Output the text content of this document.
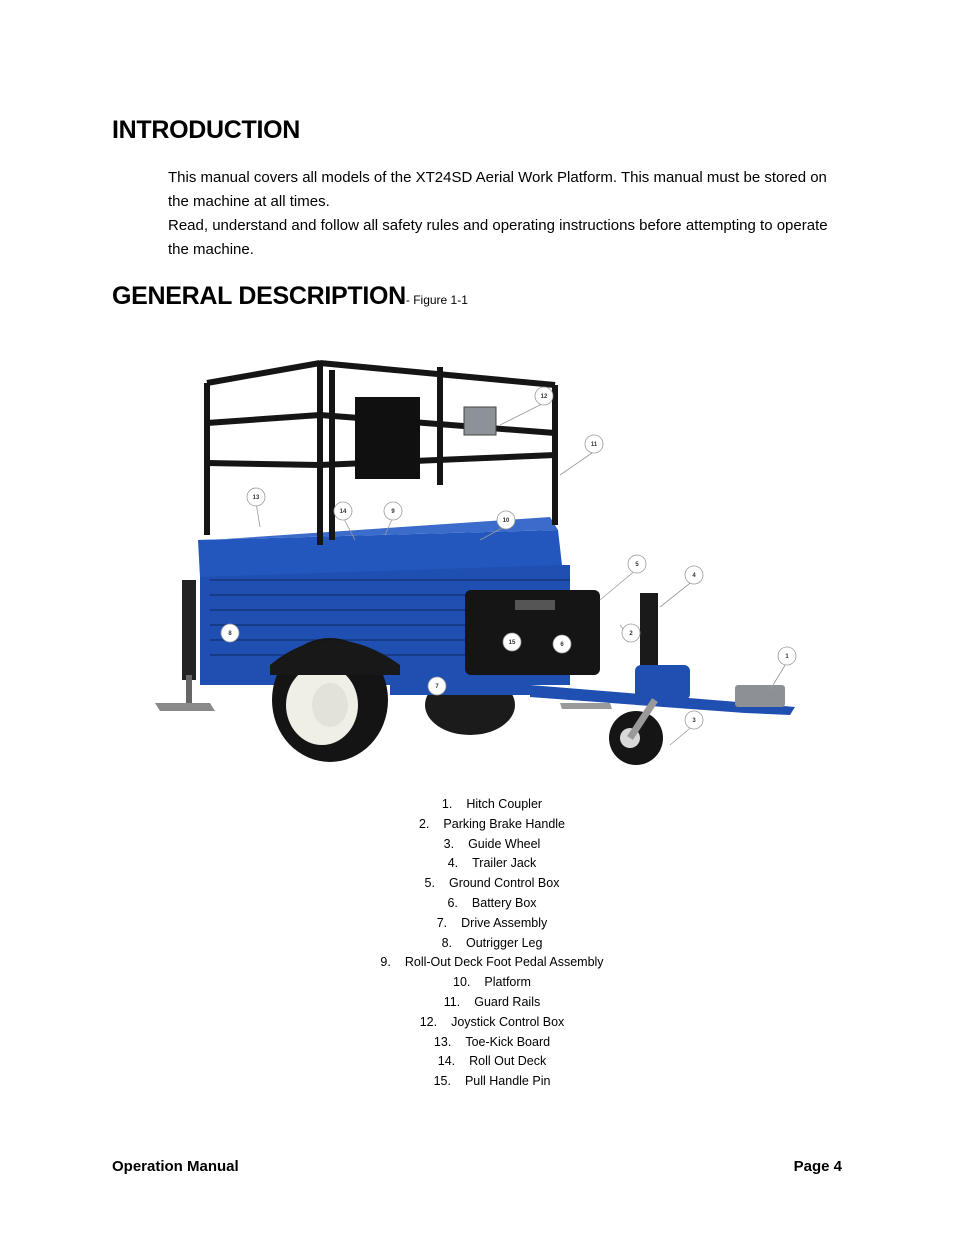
INTRODUCTION

This manual covers all models of the XT24SD Aerial Work Platform. This manual must be stored on the machine at all times.

Read, understand and follow all safety rules and operating instructions before attempting to operate the machine.

GENERAL DESCRIPTION- Figure 1-1
1
2
3
4
5
6
7
8
9
10
11
12
13
14
15
1. Hitch Coupler
2. Parking Brake Handle
3. Guide Wheel
4. Trailer Jack
5. Ground Control Box
6. Battery Box
7. Drive Assembly
8. Outrigger Leg
9. Roll-Out Deck Foot Pedal Assembly
10. Platform
11. Guard Rails
12. Joystick Control Box
13. Toe-Kick Board
14. Roll Out Deck
15. Pull Handle Pin
Operation Manual	Page 4
